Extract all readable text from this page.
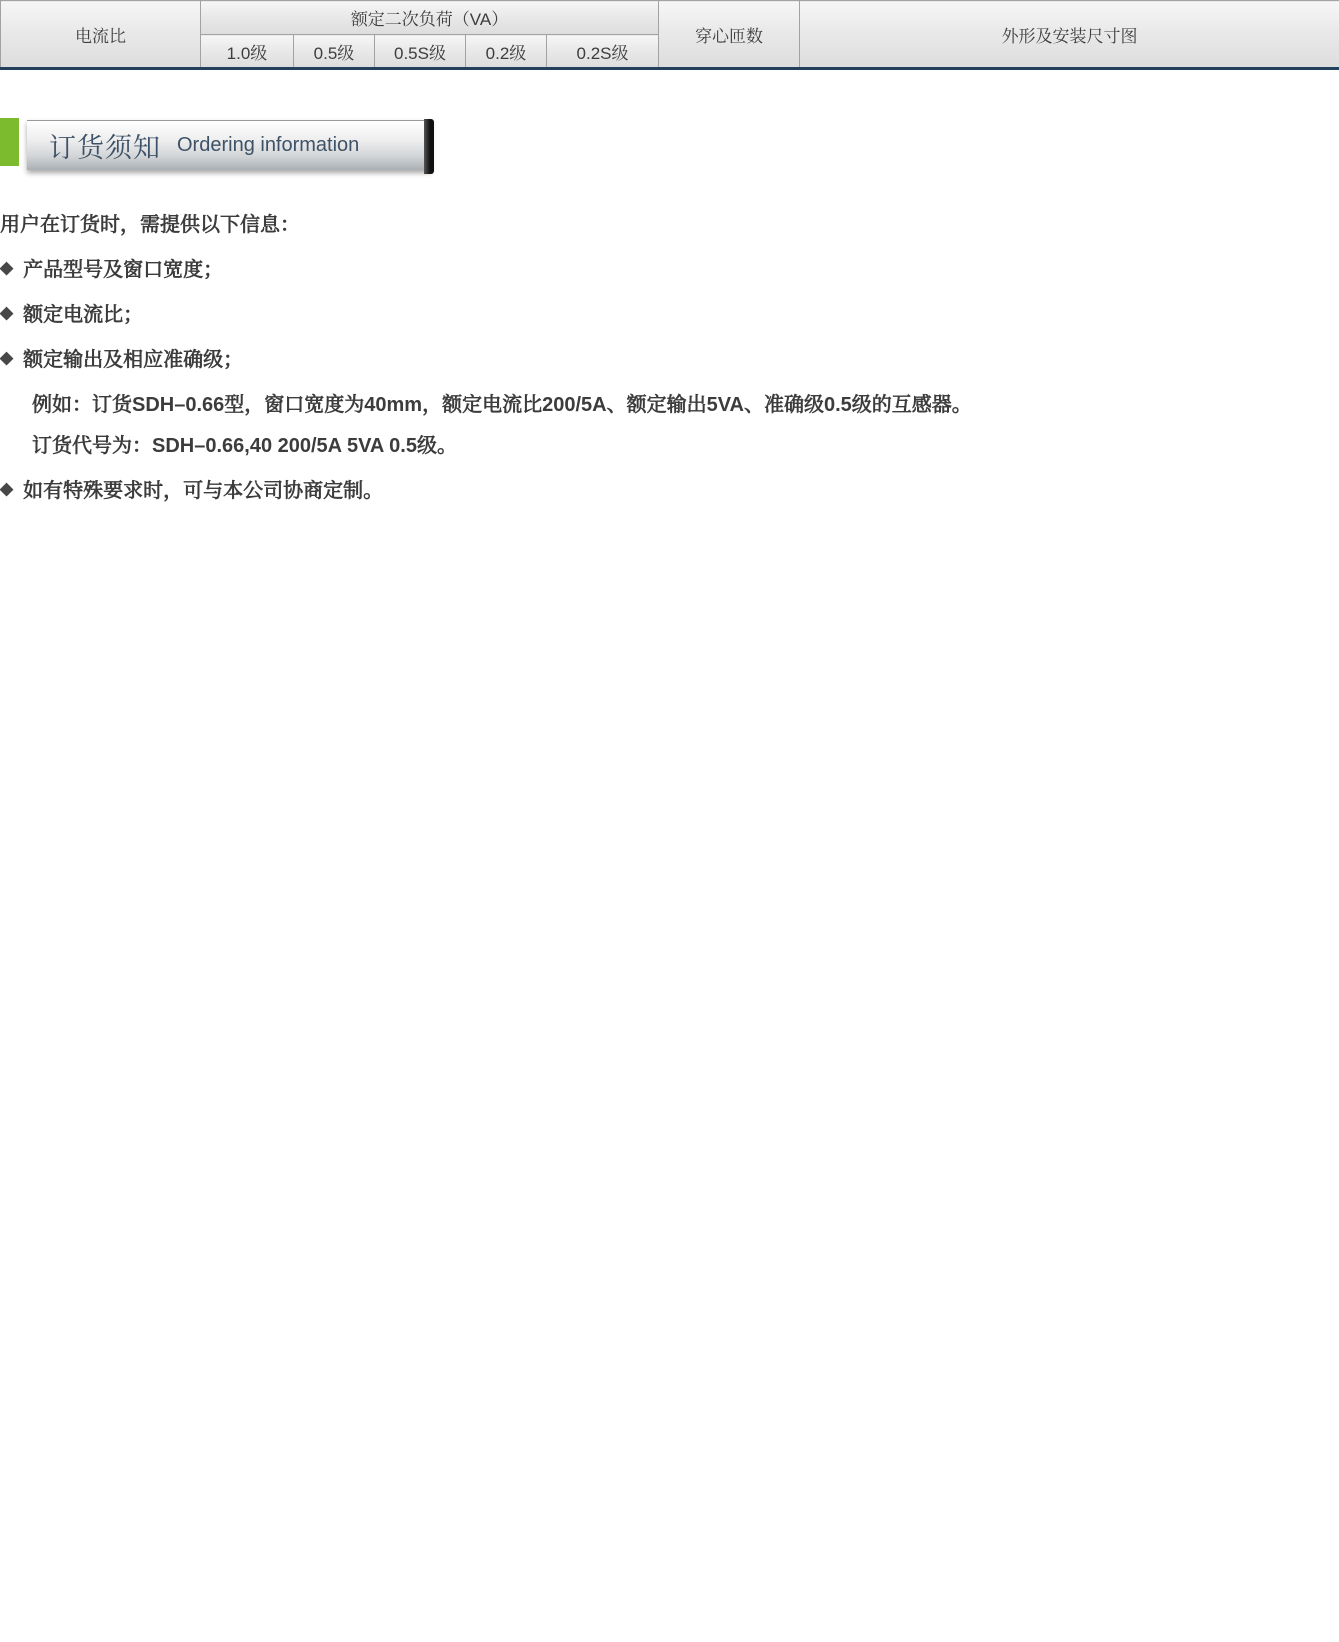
电流比	额定二次负荷（VA）					穿心匝数	外形及安装尺寸图
	1.0级	0.5级	0.5S级	0.2级	0.2S级		
订货须知 Ordering information

用户在订货时，需提供以下信息：

◆ 产品型号及窗口宽度；
◆ 额定电流比；
◆ 额定输出及相应准确级；
例如：订货SDH–0.66型，窗口宽度为40mm，额定电流比200/5A、额定输出5VA、准确级0.5级的互感器。
订货代号为：SDH–0.66,40 200/5A 5VA 0.5级。
◆ 如有特殊要求时，可与本公司协商定制。
